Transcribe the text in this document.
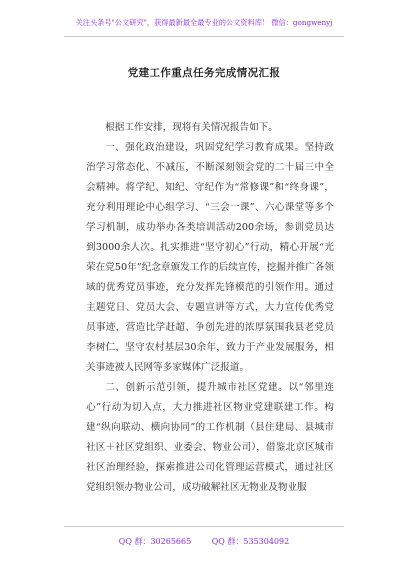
关注头条号"公文研究"，获得最新最全最专业的公文资料库！ 微信：gongwenyj
党建工作重点任务完成情况汇报

根据工作安排，现将有关情况报告如下。

一、强化政治建设，巩固党纪学习教育成果。坚持政治学习常态化、不减压，不断深刻领会党的二十届三中全会精神。将学纪、知纪、守纪作为“常修课”和“终身课”，充分利用理论中心组学习、“三会一课”、六心课堂等多个学习机制，成功举办各类培训活动200余场，参训党员达到3000余人次。扎实推进“坚守初心”行动，精心开展“光荣在党50年”纪念章颁发工作的后续宣传，挖掘并推广各领域的优秀党员事迹，充分发挥先锋模范的引领作用。通过主题党日、党员大会、专题宣讲等方式，大力宣传优秀党员事迹，营造比学赶超、争创先进的浓厚氛围我县老党员李树仁，坚守农村基层30余年，致力于产业发展服务，相关事迹被人民网等多家媒体广泛报道。

二、创新示范引领，提升城市社区党建。以“邻里连心”行动为切入点，大力推进社区物业党建联建工作。构建“纵向联动、横向协同”的工作机制（县住建局、县城市社区＋社区党组织、业委会、物业公司），借鉴北京区城市社区治理经验，探索推进公司化管理运营模式，通过社区党组织领办物业公司，成功破解社区无物业及物业服

QQ 群：30265665	QQ 群：535304092
